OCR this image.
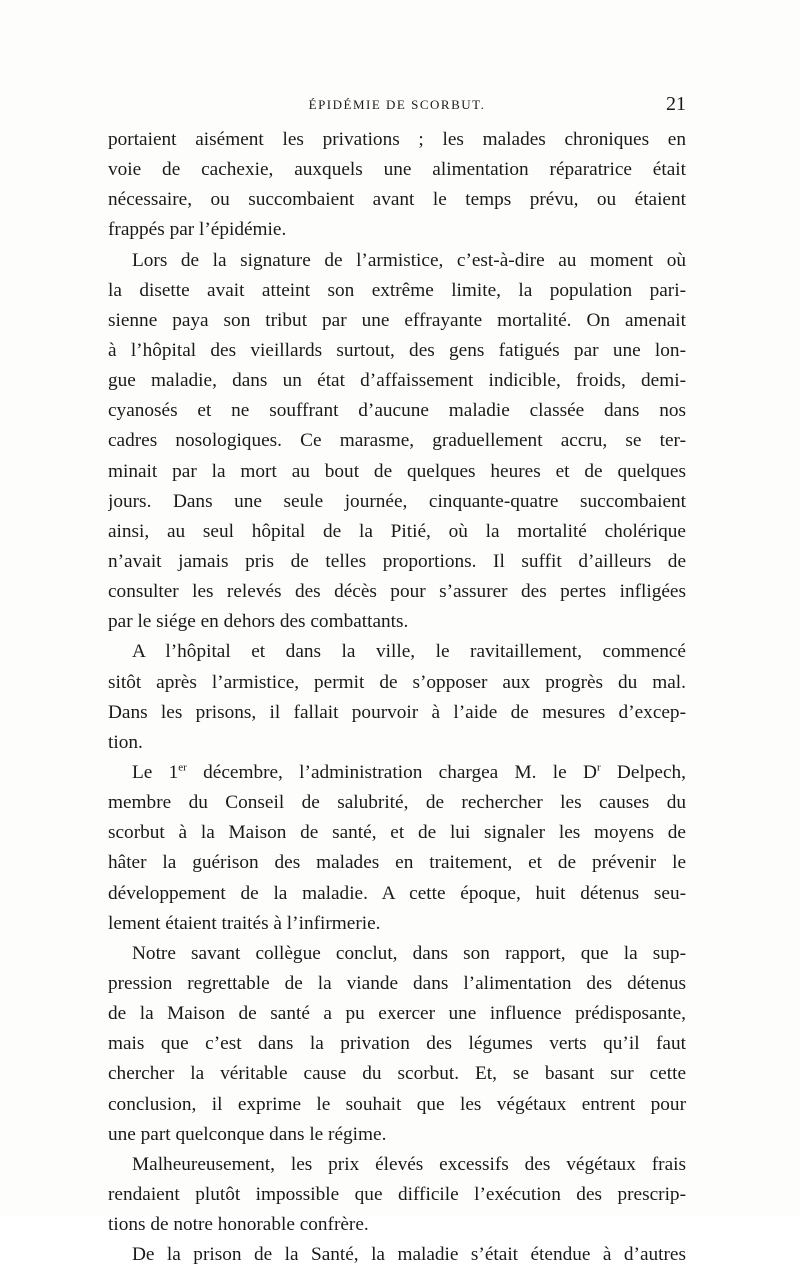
ÉPIDÉMIE DE SCORBUT.	21
portaient aisément les privations ; les malades chroniques en
voie de cachexie, auxquels une alimentation réparatrice était
nécessaire, ou succombaient avant le temps prévu, ou étaient
frappés par l’épidémie.
Lors de la signature de l’armistice, c’est-à-dire au moment où
la disette avait atteint son extrême limite, la population pari-
sienne paya son tribut par une effrayante mortalité. On amenait
à l’hôpital des vieillards surtout, des gens fatigués par une lon-
gue maladie, dans un état d’affaissement indicible, froids, demi-
cyanosés et ne souffrant d’aucune maladie classée dans nos
cadres nosologiques. Ce marasme, graduellement accru, se ter-
minait par la mort au bout de quelques heures et de quelques
jours. Dans une seule journée, cinquante-quatre succombaient
ainsi, au seul hôpital de la Pitié, où la mortalité cholérique
n’avait jamais pris de telles proportions. Il suffit d’ailleurs de
consulter les relevés des décès pour s’assurer des pertes infligées
par le siége en dehors des combattants.
A l’hôpital et dans la ville, le ravitaillement, commencé
sitôt après l’armistice, permit de s’opposer aux progrès du mal.
Dans les prisons, il fallait pourvoir à l’aide de mesures d’excep-
tion.
Le 1er décembre, l’administration chargea M. le $D^r$ Delpech,
membre du Conseil de salubrité, de rechercher les causes du
scorbut à la Maison de santé, et de lui signaler les moyens de
hâter la guérison des malades en traitement, et de prévenir le
développement de la maladie. A cette époque, huit détenus seu-
lement étaient traités à l’infirmerie.
Notre savant collègue conclut, dans son rapport, que la sup-
pression regrettable de la viande dans l’alimentation des détenus
de la Maison de santé a pu exercer une influence prédisposante,
mais que c’est dans la privation des légumes verts qu’il faut
chercher la véritable cause du scorbut. Et, se basant sur cette
conclusion, il exprime le souhait que les végétaux entrent pour
une part quelconque dans le régime.
Malheureusement, les prix élevés excessifs des végétaux frais
rendaient plutôt impossible que difficile l’exécution des prescrip-
tions de notre honorable confrère.
De la prison de la Santé, la maladie s’était étendue à d’autres
